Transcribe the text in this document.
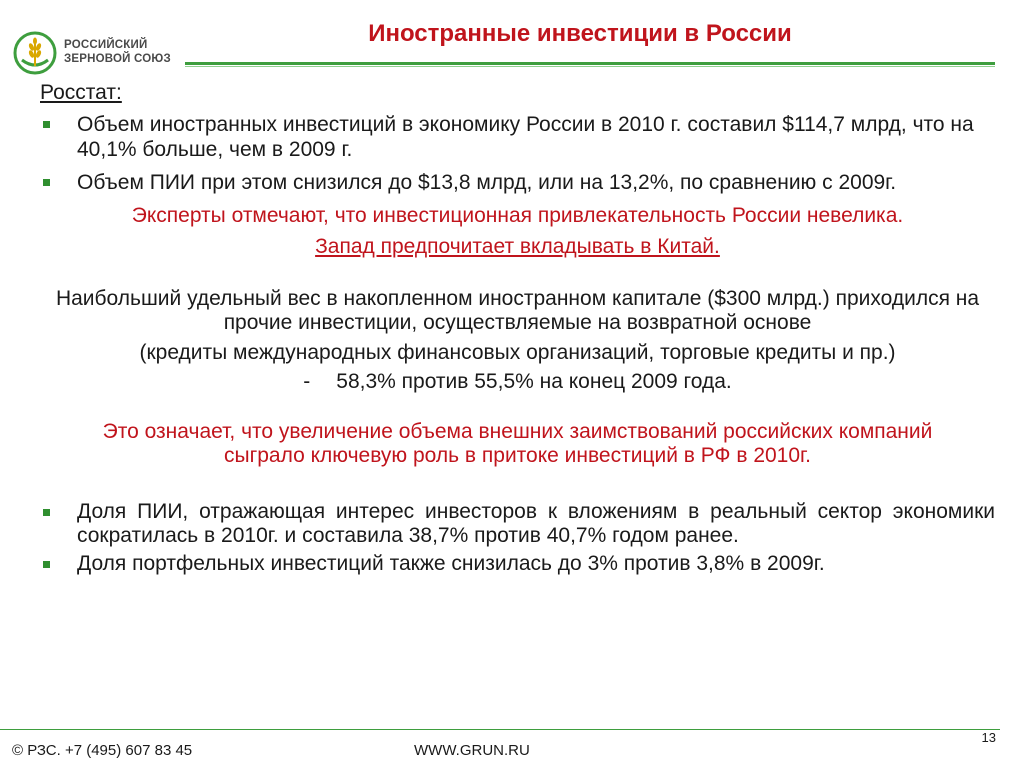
РОССИЙСКИЙ
ЗЕРНОВОЙ СОЮЗ
Иностранные инвестиции в России
Росстат:
Объем иностранных инвестиций в экономику России в 2010 г. составил $114,7 млрд, что на 40,1% больше, чем в 2009 г.
Объем ПИИ при этом снизился до $13,8 млрд, или на 13,2%, по сравнению с 2009г.
Эксперты отмечают, что инвестиционная привлекательность России невелика.
Запад предпочитает вкладывать в Китай.
Наибольший удельный вес в накопленном иностранном капитале ($300 млрд.) приходился на прочие инвестиции, осуществляемые на возвратной основе
(кредиты международных финансовых организаций, торговые кредиты и пр.)
- 58,3% против 55,5% на конец 2009 года.
Это означает, что увеличение объема внешних заимствований российских компаний сыграло ключевую роль в притоке инвестиций в РФ в 2010г.
Доля ПИИ, отражающая интерес инвесторов к вложениям в реальный сектор экономики сократилась в 2010г. и составила 38,7% против 40,7% годом ранее.
Доля портфельных инвестиций также снизилась до 3% против 3,8% в 2009г.
13
© РЗС. +7 (495) 607 83 45	WWW.GRUN.RU
